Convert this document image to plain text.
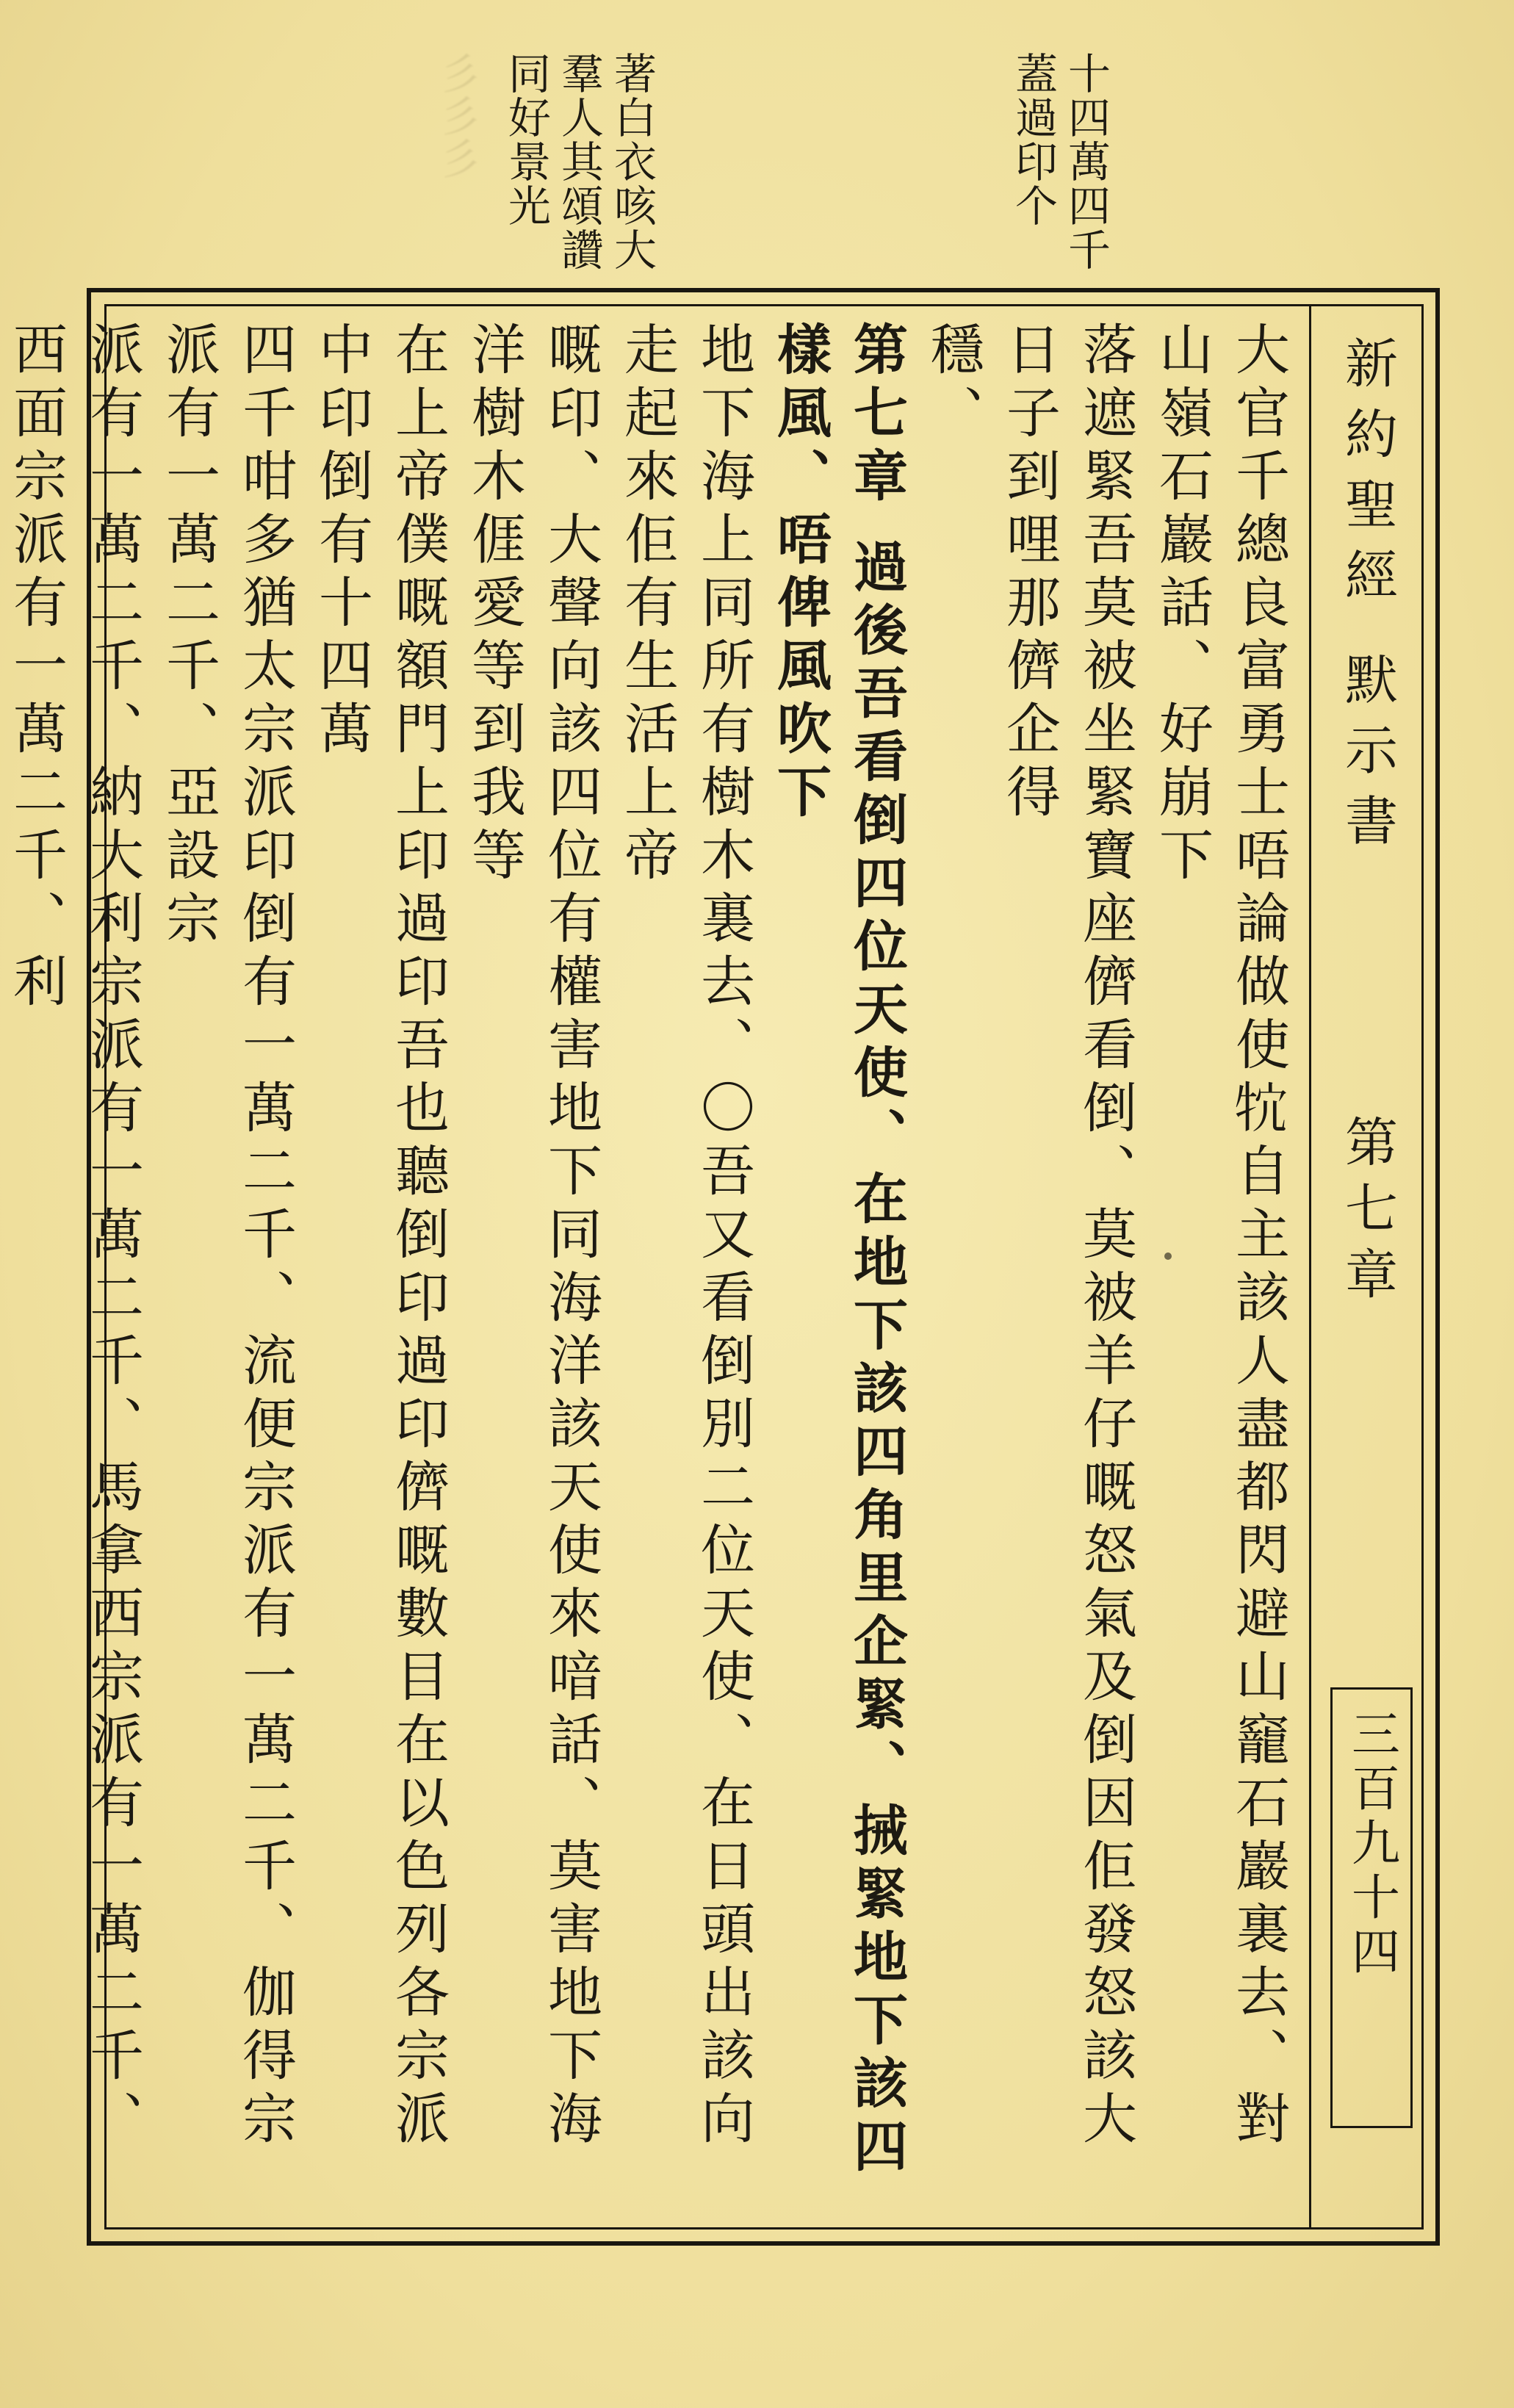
彡彡彡	十四萬四千 蓋過印个
著白衣咳大 羣人其頌讚 同好景光
新約聖經 默示書
第七章
三百九十四
大官千總良富勇士唔論做使𤘺自主該人盡都閃避山竉石巖裏去、對山嶺石巖話、好崩下
落遮緊吾莫被坐緊寶座儕看倒、莫被羊仔嘅怒氣及倒因佢發怒該大日子到哩那儕企得
穩、
第七章 過後吾看倒四位天使、在地下該四角里企緊、𢬿緊地下該四樣風、唔俾風吹下
地下海上同所有樹木裏去、〇吾又看倒別二位天使、在日頭出該向走起來佢有生活上帝
嘅印、大聲向該四位有權害地下同海洋該天使來喑話、莫害地下海洋樹木𠊎愛等到我等
在上帝僕嘅額門上印過印吾也聽倒印過印儕嘅數目在以色列各宗派中印倒有十四萬
四千咁多猶太宗派印倒有一萬二千、流便宗派有一萬二千、伽得宗派有一萬二千、亞設宗
派有一萬二千、納大利宗派有一萬二千、馬拿西宗派有一萬二千、西面宗派有一萬二千、利
